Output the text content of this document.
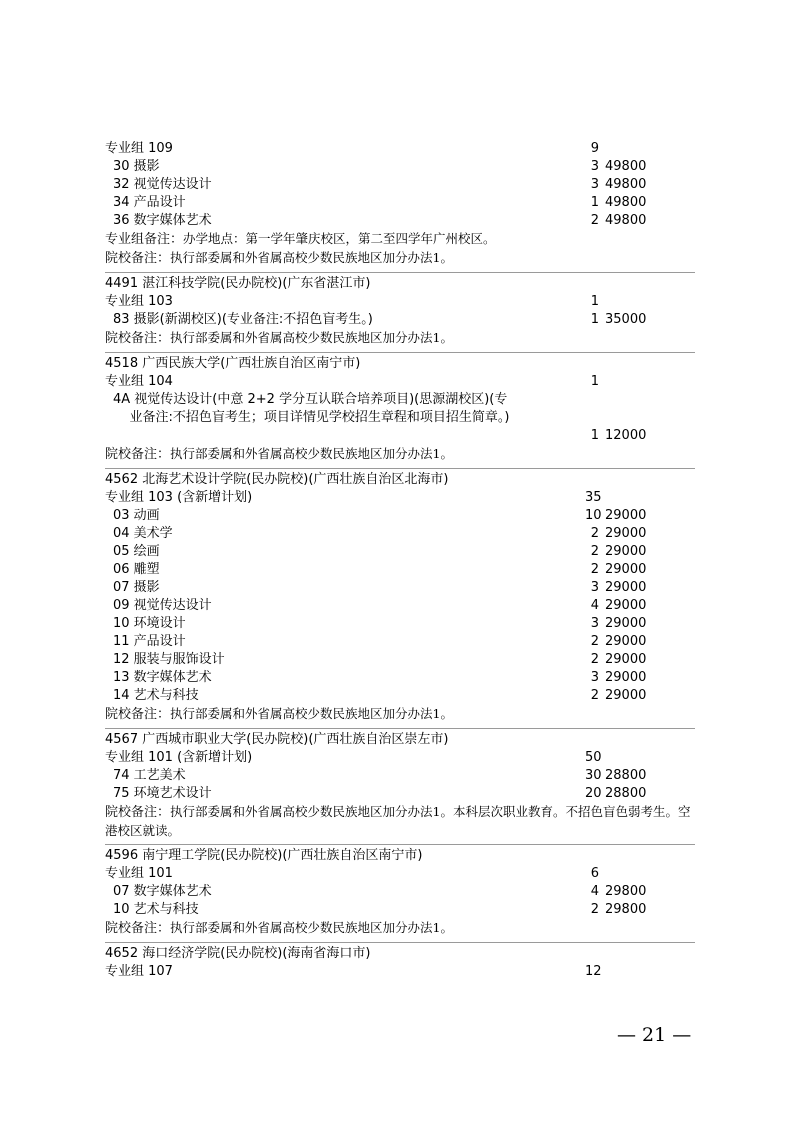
专业组 109	9
30 摄影	3 49800
32 视觉传达设计	3 49800
34 产品设计	1 49800
36 数字媒体艺术	2 49800
专业组备注：办学地点：第一学年肇庆校区，第二至四学年广州校区。
院校备注：执行部委属和外省属高校少数民族地区加分办法1。
4491 湛江科技学院(民办院校)(广东省湛江市)
专业组 103	1
83 摄影(新湖校区)(专业备注:不招色盲考生。)	1 35000
院校备注：执行部委属和外省属高校少数民族地区加分办法1。
4518 广西民族大学(广西壮族自治区南宁市)
专业组 104	1
4A 视觉传达设计(中意 2+2 学分互认联合培养项目)(思源湖校区)(专
业备注:不招色盲考生；项目详情见学校招生章程和项目招生简章。)
1 12000
院校备注：执行部委属和外省属高校少数民族地区加分办法1。
4562 北海艺术设计学院(民办院校)(广西壮族自治区北海市)
专业组 103 (含新增计划)	35
03 动画	10 29000
04 美术学	2 29000
05 绘画	2 29000
06 雕塑	2 29000
07 摄影	3 29000
09 视觉传达设计	4 29000
10 环境设计	3 29000
11 产品设计	2 29000
12 服装与服饰设计	2 29000
13 数字媒体艺术	3 29000
14 艺术与科技	2 29000
院校备注：执行部委属和外省属高校少数民族地区加分办法1。
4567 广西城市职业大学(民办院校)(广西壮族自治区崇左市)
专业组 101 (含新增计划)	50
74 工艺美术	30 28800
75 环境艺术设计	20 28800
院校备注：执行部委属和外省属高校少数民族地区加分办法1。本科层次职业教育。不招色盲色弱考生。空港校区就读。
4596 南宁理工学院(民办院校)(广西壮族自治区南宁市)
专业组 101	6
07 数字媒体艺术	4 29800
10 艺术与科技	2 29800
院校备注：执行部委属和外省属高校少数民族地区加分办法1。
4652 海口经济学院(民办院校)(海南省海口市)
专业组 107	12
— 21 —
